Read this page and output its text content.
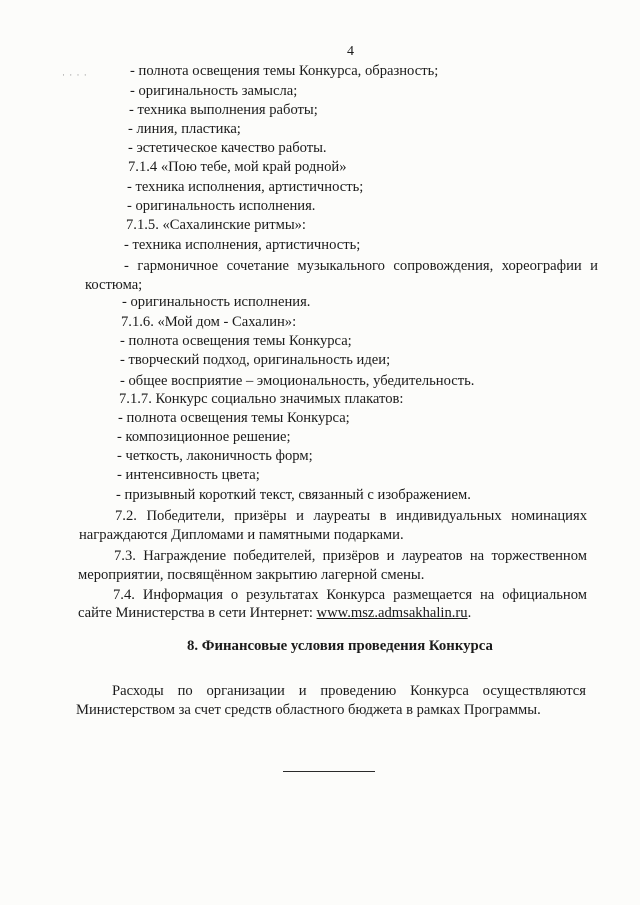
4
· · · ·	- полнота освещения темы Конкурса, образность;
- оригинальность замысла;
- техника выполнения работы;
- линия, пластика;
- эстетическое качество работы.
7.1.4 «Пою тебе, мой край родной»
- техника исполнения, артистичность;
- оригинальность исполнения.
7.1.5. «Сахалинские ритмы»:
- техника исполнения, артистичность;
- гармоничное сочетание музыкального сопровождения, хореографии и
костюма;
- оригинальность исполнения.
7.1.6. «Мой дом - Сахалин»:
- полнота освещения темы Конкурса;
- творческий подход, оригинальность идеи;
- общее восприятие – эмоциональность, убедительность.
7.1.7. Конкурс социально значимых плакатов:
- полнота освещения темы Конкурса;
- композиционное решение;
- четкость, лаконичность форм;
- интенсивность цвета;
- призывный короткий текст, связанный с изображением.
7.2. Победители, призёры и лауреаты в индивидуальных номинациях
награждаются Дипломами и памятными подарками.
7.3. Награждение победителей, призёров и лауреатов на торжественном
мероприятии, посвящённом закрытию лагерной смены.
7.4. Информация о результатах Конкурса размещается на официальном
сайте Министерства в сети Интернет: www.msz.admsakhalin.ru.
8. Финансовые условия проведения Конкурса
Расходы по организации и проведению Конкурса осуществляются
Министерством за счет средств областного бюджета в рамках Программы.
